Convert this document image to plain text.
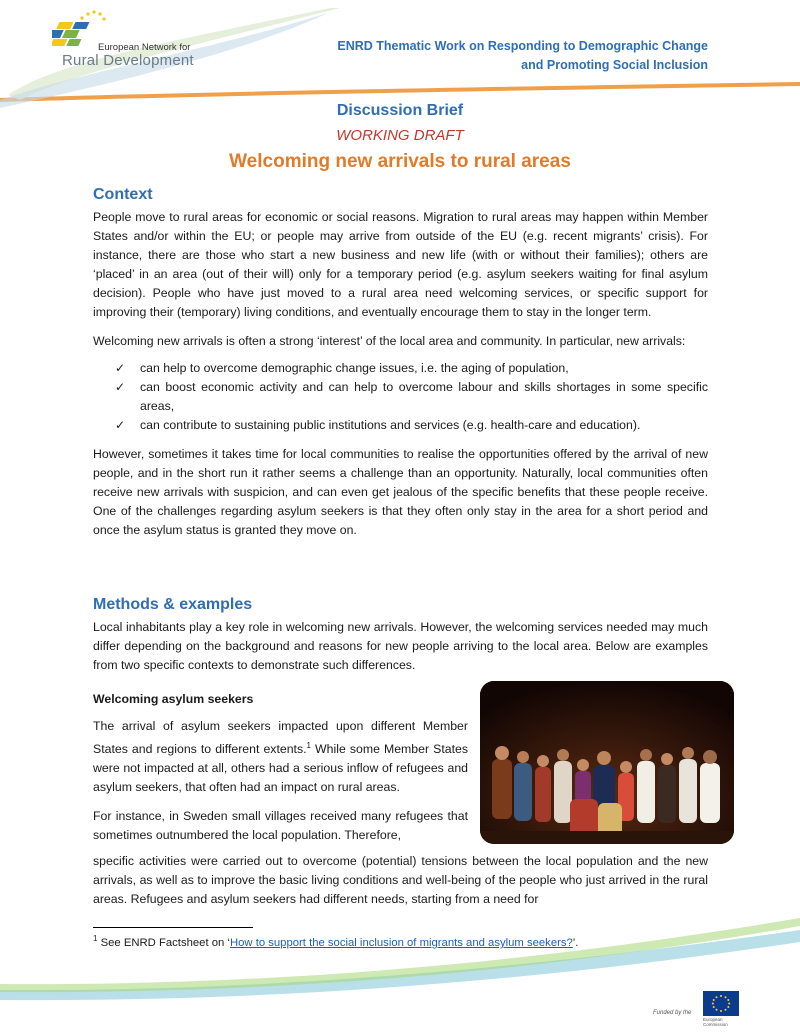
European Network for
Rural Development
ENRD Thematic Work on Responding to Demographic Change
and Promoting Social Inclusion
Discussion Brief
WORKING DRAFT
Welcoming new arrivals to rural areas
Context

People move to rural areas for economic or social reasons. Migration to rural areas may happen within Member States and/or within the EU; or people may arrive from outside of the EU (e.g. recent migrants’ crisis). For instance, there are those who start a new business and new life (with or without their families); others are ‘placed’ in an area (out of their will) only for a temporary period (e.g. asylum seekers waiting for final asylum decision). People who have just moved to a rural area need welcoming services, or specific support for improving their (temporary) living conditions, and eventually encourage them to stay in the longer term.

Welcoming new arrivals is often a strong ‘interest’ of the local area and community. In particular, new arrivals:

✓ can help to overcome demographic change issues, i.e. the aging of population,
✓ can boost economic activity and can help to overcome labour and skills shortages in some specific areas,
✓ can contribute to sustaining public institutions and services (e.g. health-care and education).

However, sometimes it takes time for local communities to realise the opportunities offered by the arrival of new people, and in the short run it rather seems a challenge than an opportunity. Naturally, local communities often receive new arrivals with suspicion, and can even get jealous of the specific benefits that these people receive. One of the challenges regarding asylum seekers is that they often only stay in the area for a short period and once the asylum status is granted they move on.

Methods & examples

Local inhabitants play a key role in welcoming new arrivals. However, the welcoming services needed may much differ depending on the background and reasons for new people arriving to the local area. Below are examples from two specific contexts to demonstrate such differences.

Welcoming asylum seekers

The arrival of asylum seekers impacted upon different Member States and regions to different extents.$^1$ While some Member States were not impacted at all, others had a serious inflow of refugees and asylum seekers, that often had an impact on rural areas.

For instance, in Sweden small villages received many refugees that sometimes outnumbered the local population. Therefore,

specific activities were carried out to overcome (potential) tensions between the local population and the new arrivals, as well as to improve the basic living conditions and well-being of the people who just arrived in the rural areas. Refugees and asylum seekers had different needs, starting from a need for

$^1$ See ENRD Factsheet on ‘How to support the social inclusion of migrants and asylum seekers?’.
Funded by the
European
Commission
